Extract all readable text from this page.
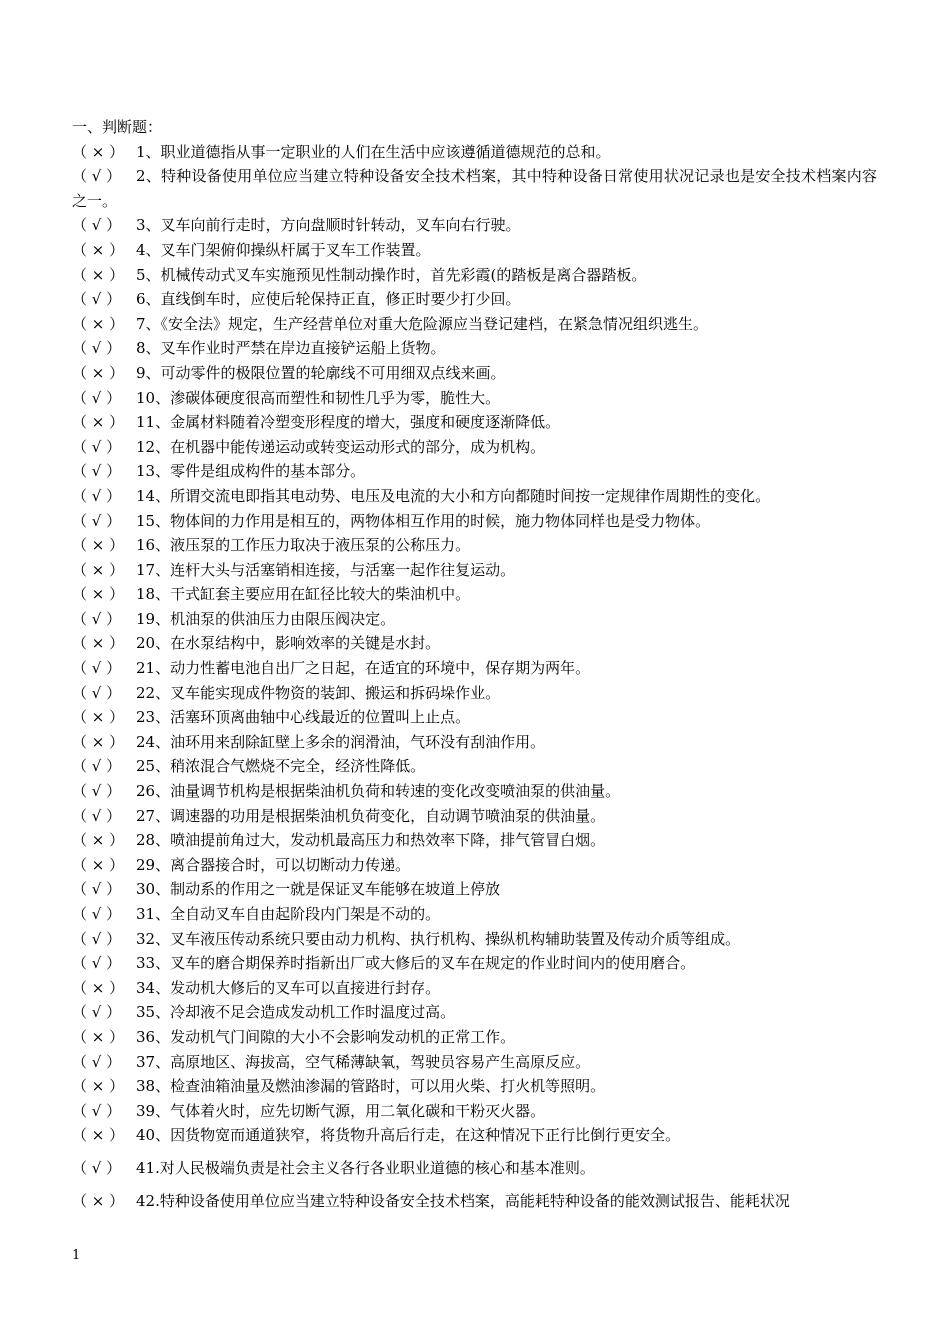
一、判断题：
（ × ） 1、职业道德指从事一定职业的人们在生活中应该遵循道德规范的总和。
（ √ ） 2、特种设备使用单位应当建立特种设备安全技术档案，其中特种设备日常使用状况记录也是安全技术档案内容之一。
（ √ ） 3、叉车向前行走时，方向盘顺时针转动，叉车向右行驶。
（ × ） 4、叉车门架俯仰操纵杆属于叉车工作装置。
（ × ） 5、机械传动式叉车实施预见性制动操作时，首先彩霞(的踏板是离合器踏板。
（ √ ） 6、直线倒车时，应使后轮保持正直，修正时要少打少回。
（ × ） 7、《安全法》规定，生产经营单位对重大危险源应当登记建档，在紧急情况组织逃生。
（ √ ） 8、叉车作业时严禁在岸边直接铲运船上货物。
（ × ） 9、可动零件的极限位置的轮廓线不可用细双点线来画。
（ √ ） 10、渗碳体硬度很高而塑性和韧性几乎为零，脆性大。
（ × ） 11、金属材料随着冷塑变形程度的增大，强度和硬度逐渐降低。
（ √ ） 12、在机器中能传递运动或转变运动形式的部分，成为机构。
（ √ ） 13、零件是组成构件的基本部分。
（ √ ） 14、所谓交流电即指其电动势、电压及电流的大小和方向都随时间按一定规律作周期性的变化。
（ √ ） 15、物体间的力作用是相互的，两物体相互作用的时候，施力物体同样也是受力物体。
（ × ） 16、液压泵的工作压力取决于液压泵的公称压力。
（ × ） 17、连杆大头与活塞销相连接，与活塞一起作往复运动。
（ × ） 18、干式缸套主要应用在缸径比较大的柴油机中。
（ √ ） 19、机油泵的供油压力由限压阀决定。
（ × ） 20、在水泵结构中，影响效率的关键是水封。
（ √ ） 21、动力性蓄电池自出厂之日起，在适宜的环境中，保存期为两年。
（ √ ） 22、叉车能实现成件物资的装卸、搬运和拆码垛作业。
（ × ） 23、活塞环顶离曲轴中心线最近的位置叫上止点。
（ × ） 24、油环用来刮除缸壁上多余的润滑油，气环没有刮油作用。
（ √ ） 25、稍浓混合气燃烧不完全，经济性降低。
（ √ ） 26、油量调节机构是根据柴油机负荷和转速的变化改变喷油泵的供油量。
（ √ ） 27、调速器的功用是根据柴油机负荷变化，自动调节喷油泵的供油量。
（ × ） 28、喷油提前角过大，发动机最高压力和热效率下降，排气管冒白烟。
（ × ） 29、离合器接合时，可以切断动力传递。
（ √ ） 30、制动系的作用之一就是保证叉车能够在坡道上停放
（ √ ） 31、全自动叉车自由起阶段内门架是不动的。
（ √ ） 32、叉车液压传动系统只要由动力机构、执行机构、操纵机构辅助装置及传动介质等组成。
（ √ ） 33、叉车的磨合期保养时指新出厂或大修后的叉车在规定的作业时间内的使用磨合。
（ × ） 34、发动机大修后的叉车可以直接进行封存。
（ √ ） 35、冷却液不足会造成发动机工作时温度过高。
（ × ） 36、发动机气门间隙的大小不会影响发动机的正常工作。
（ √ ） 37、高原地区、海拔高，空气稀薄缺氧，驾驶员容易产生高原反应。
（ × ） 38、检查油箱油量及燃油渗漏的管路时，可以用火柴、打火机等照明。
（ √ ） 39、气体着火时，应先切断气源，用二氧化碳和干粉灭火器。
（ × ） 40、因货物宽而通道狭窄，将货物升高后行走，在这种情况下正行比倒行更安全。
（ √ ） 41.对人民极端负责是社会主义各行各业职业道德的核心和基本准则。
（ × ） 42.特种设备使用单位应当建立特种设备安全技术档案，高能耗特种设备的能效测试报告、能耗状况
1
